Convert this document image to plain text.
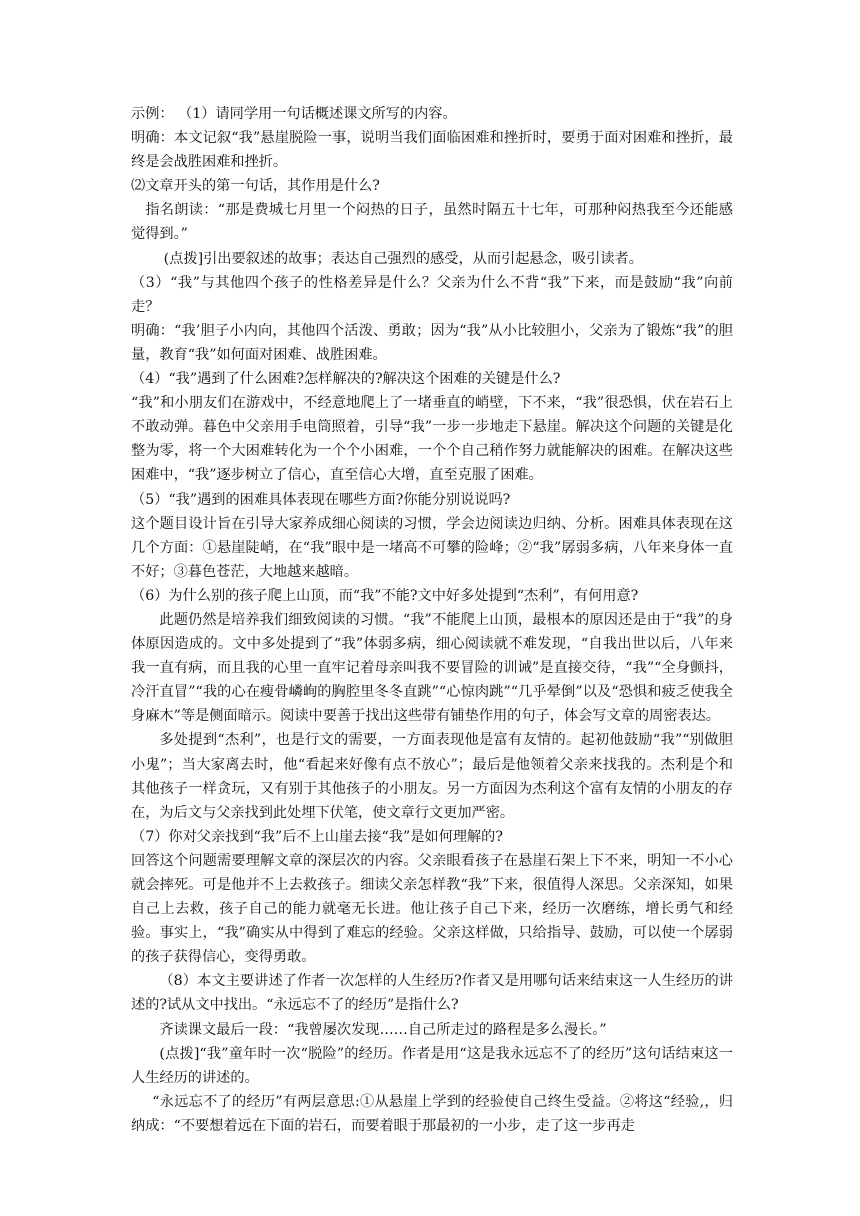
示例： （1）请同学用一句话概述课文所写的内容。

明确：本文记叙“我”悬崖脱险一事，说明当我们面临困难和挫折时，要勇于面对困难和挫折，最终是会战胜困难和挫折。

⑵文章开头的第一句话，其作用是什么?

指名朗读：“那是费城七月里一个闷热的日子，虽然时隔五十七年，可那种闷热我至今还能感觉得到。”

(点拨]引出要叙述的故事；表达自己强烈的感受，从而引起悬念，吸引读者。

（3）“我”与其他四个孩子的性格差异是什么？父亲为什么不背“我”下来，而是鼓励“我”向前走？

明确：“我’胆子小内向，其他四个活泼、勇敢；因为“我”从小比较胆小，父亲为了锻炼“我”的胆量，教育“我”如何面对困难、战胜困难。

（4）“我”遇到了什么困难?怎样解决的?解决这个困难的关键是什么?

“我”和小朋友们在游戏中，不经意地爬上了一堵垂直的峭壁，下不来，“我”很恐惧，伏在岩石上不敢动弹。暮色中父亲用手电筒照着，引导“我”一步一步地走下悬崖。解决这个问题的关键是化整为零，将一个大困难转化为一个个小困难，一个个自己稍作努力就能解决的困难。在解决这些困难中，“我”逐步树立了信心，直至信心大增，直至克服了困难。

（5）“我”遇到的困难具体表现在哪些方面?你能分别说说吗?

这个题目设计旨在引导大家养成细心阅读的习惯，学会边阅读边归纳、分析。困难具体表现在这几个方面：①悬崖陡峭，在“我”眼中是一堵高不可攀的险峰；②“我”孱弱多病，八年来身体一直不好；③暮色苍茫，大地越来越暗。

（6）为什么别的孩子爬上山顶，而“我”不能?文中好多处提到“杰利”，有何用意?

此题仍然是培养我们细致阅读的习惯。“我”不能爬上山顶，最根本的原因还是由于“我”的身体原因造成的。文中多处提到了“我”体弱多病，细心阅读就不难发现，“自我出世以后，八年来我一直有病，而且我的心里一直牢记着母亲叫我不要冒险的训诫”是直接交待，“我”“全身颤抖，冷汗直冒”“我的心在瘦骨嶙峋的胸腔里冬冬直跳”“心惊肉跳”“几乎晕倒”以及“恐惧和疲乏使我全身麻木”等是侧面暗示。阅读中要善于找出这些带有铺垫作用的句子，体会写文章的周密表达。

多处提到“杰利”，也是行文的需要，一方面表现他是富有友情的。起初他鼓励“我”“别做胆小鬼”；当大家离去时，他“看起来好像有点不放心”；最后是他领着父亲来找我的。杰利是个和其他孩子一样贪玩，又有别于其他孩子的小朋友。另一方面因为杰利这个富有友情的小朋友的存在，为后文与父亲找到此处埋下伏笔，使文章行文更加严密。

（7）你对父亲找到“我”后不上山崖去接“我”是如何理解的?

回答这个问题需要理解文章的深层次的内容。父亲眼看孩子在悬崖石架上下不来，明知一不小心就会摔死。可是他并不上去救孩子。细读父亲怎样教“我”下来，很值得人深思。父亲深知，如果自己上去救，孩子自己的能力就毫无长进。他让孩子自己下来，经历一次磨练，增长勇气和经验。事实上，“我”确实从中得到了难忘的经验。父亲这样做，只给指导、鼓励，可以使一个孱弱的孩子获得信心，变得勇敢。

（8）本文主要讲述了作者一次怎样的人生经历?作者又是用哪句话来结束这一人生经历的讲述的?试从文中找出。“永远忘不了的经历”是指什么?

齐读课文最后一段：“我曾屡次发现……自己所走过的路程是多么漫长。”

(点拨]“我”童年时一次“脱险”的经历。作者是用“这是我永远忘不了的经历”这句话结束这一人生经历的讲述的。

“永远忘不了的经历”有两层意思:①从悬崖上学到的经验使自己终生受益。②将这“经验,，归纳成：“不要想着远在下面的岩石，而要着眼于那最初的一小步，走了这一步再走
